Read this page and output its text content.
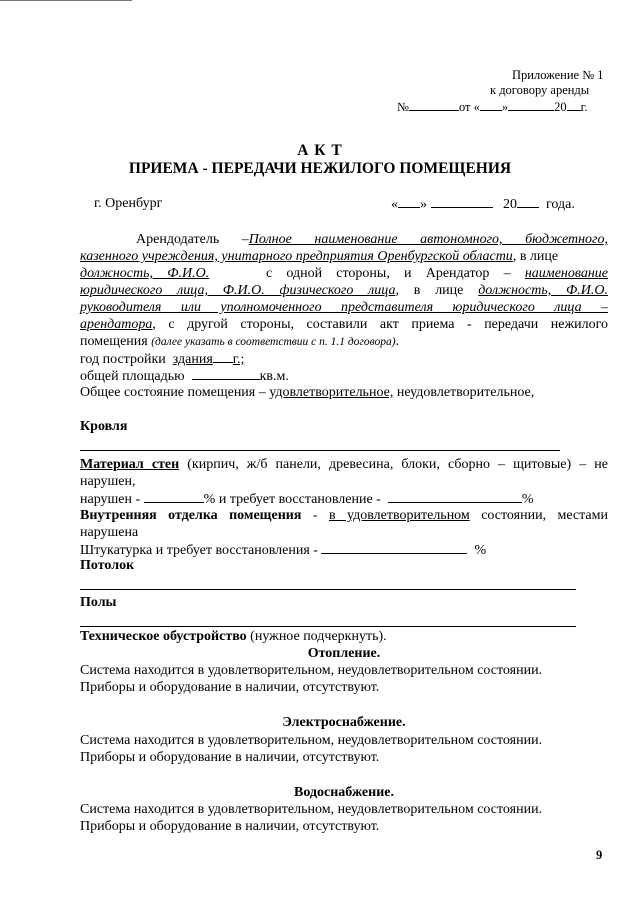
Приложение № 1
к договору аренды
№	от « »	20 г.
А К Т
ПРИЕМА - ПЕРЕДАЧИ НЕЖИЛОГО ПОМЕЩЕНИЯ
г. Оренбург	« »	20 года.
Арендодатель –Полное наименование автономного, бюджетного,
казенного учреждения, унитарного предприятия Оренбургской области, в лице
должность, Ф.И.О.	с одной стороны, и Арендатор – наименование
юридического лица, Ф.И.О. физического лица, в лице должность, Ф.И.О.
руководителя или уполномоченного представителя юридического лица –
арендатора, с другой стороны, составили акт приема - передачи нежилого
помещения (далее указать в соответствии с п. 1.1 договора).
год постройки здания г.;
общей площадью	кв.м.
Общее состояние помещения – удовлетворительное, неудовлетворительное,
Кровля
Материал стен (кирпич, ж/б панели, древесина, блоки, сборно – щитовые) – не
нарушен,
нарушен -	% и требует восстановление -	%
Внутренняя отделка помещения - в удовлетворительном состоянии, местами
нарушена
Штукатурка и требует восстановления -	%
Потолок
Полы
Техническое обустройство (нужное подчеркнуть).
Отопление.
Система находится в удовлетворительном, неудовлетворительном состоянии.
Приборы и оборудование в наличии, отсутствуют.
Электроснабжение.
Система находится в удовлетворительном, неудовлетворительном состоянии.
Приборы и оборудование в наличии, отсутствуют.
Водоснабжение.
Система находится в удовлетворительном, неудовлетворительном состоянии.
Приборы и оборудование в наличии, отсутствуют.
9
